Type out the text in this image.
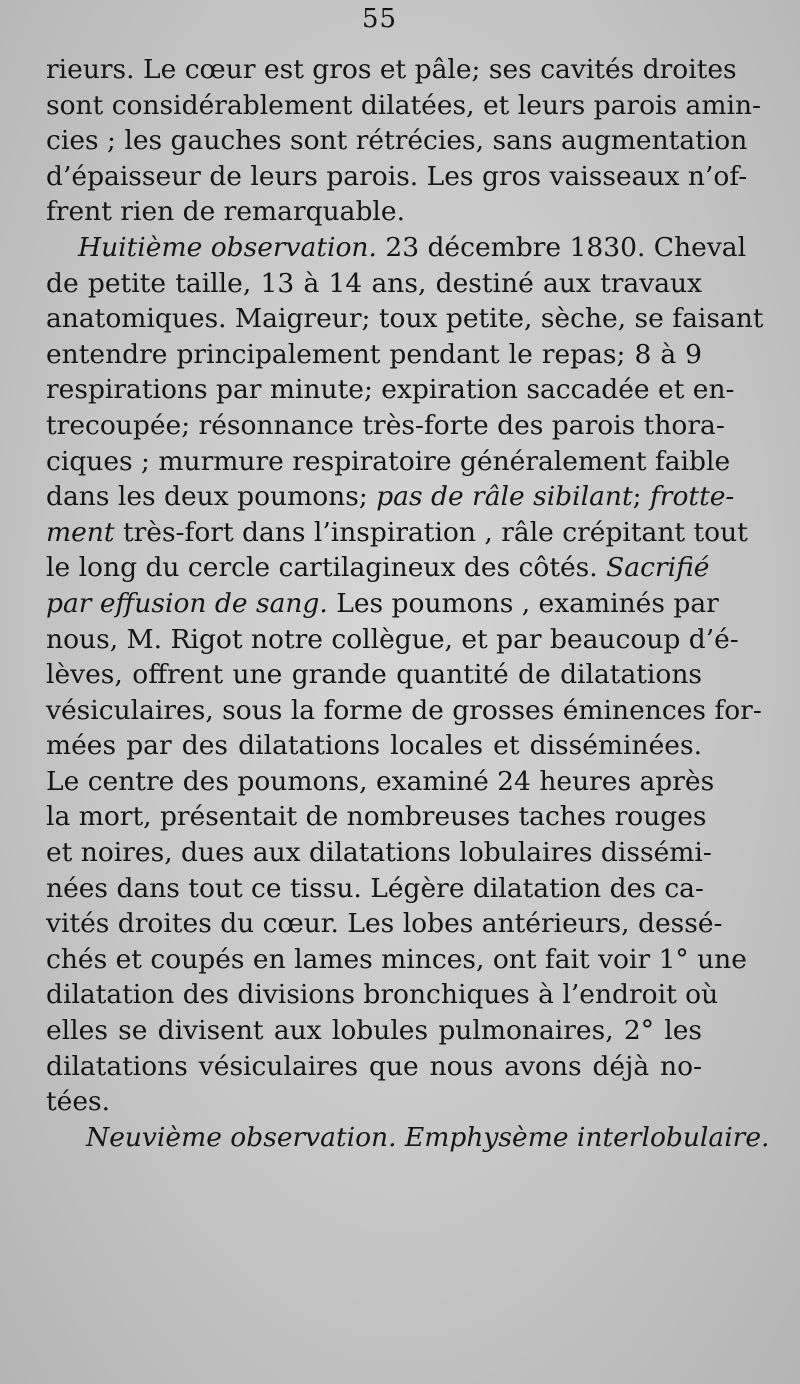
55
rieurs. Le cœur est gros et pâle; ses cavités droites
sont considérablement dilatées, et leurs parois amin-
cies ; les gauches sont rétrécies, sans augmentation
d’épaisseur de leurs parois. Les gros vaisseaux n’of-
frent rien de remarquable.
Huitième observation. 23 décembre 1830. Cheval
de petite taille, 13 à 14 ans, destiné aux travaux
anatomiques. Maigreur; toux petite, sèche, se faisant
entendre principalement pendant le repas; 8 à 9
respirations par minute; expiration saccadée et en-
trecoupée; résonnance très-forte des parois thora-
ciques ; murmure respiratoire généralement faible
dans les deux poumons; pas de râle sibilant; frotte-
ment très-fort dans l’inspiration , râle crépitant tout
le long du cercle cartilagineux des côtés. Sacrifié
par effusion de sang. Les poumons , examinés par
nous, M. Rigot notre collègue, et par beaucoup d’é-
lèves, offrent une grande quantité de dilatations
vésiculaires, sous la forme de grosses éminences for-
mées par des dilatations locales et disséminées.
Le centre des poumons, examiné 24 heures après
la mort, présentait de nombreuses taches rouges
et noires, dues aux dilatations lobulaires dissémi-
nées dans tout ce tissu. Légère dilatation des ca-
vités droites du cœur. Les lobes antérieurs, dessé-
chés et coupés en lames minces, ont fait voir 1° une
dilatation des divisions bronchiques à l’endroit où
elles se divisent aux lobules pulmonaires, 2° les
dilatations vésiculaires que nous avons déjà no-
tées.
Neuvième observation. Emphysème interlobulaire.
